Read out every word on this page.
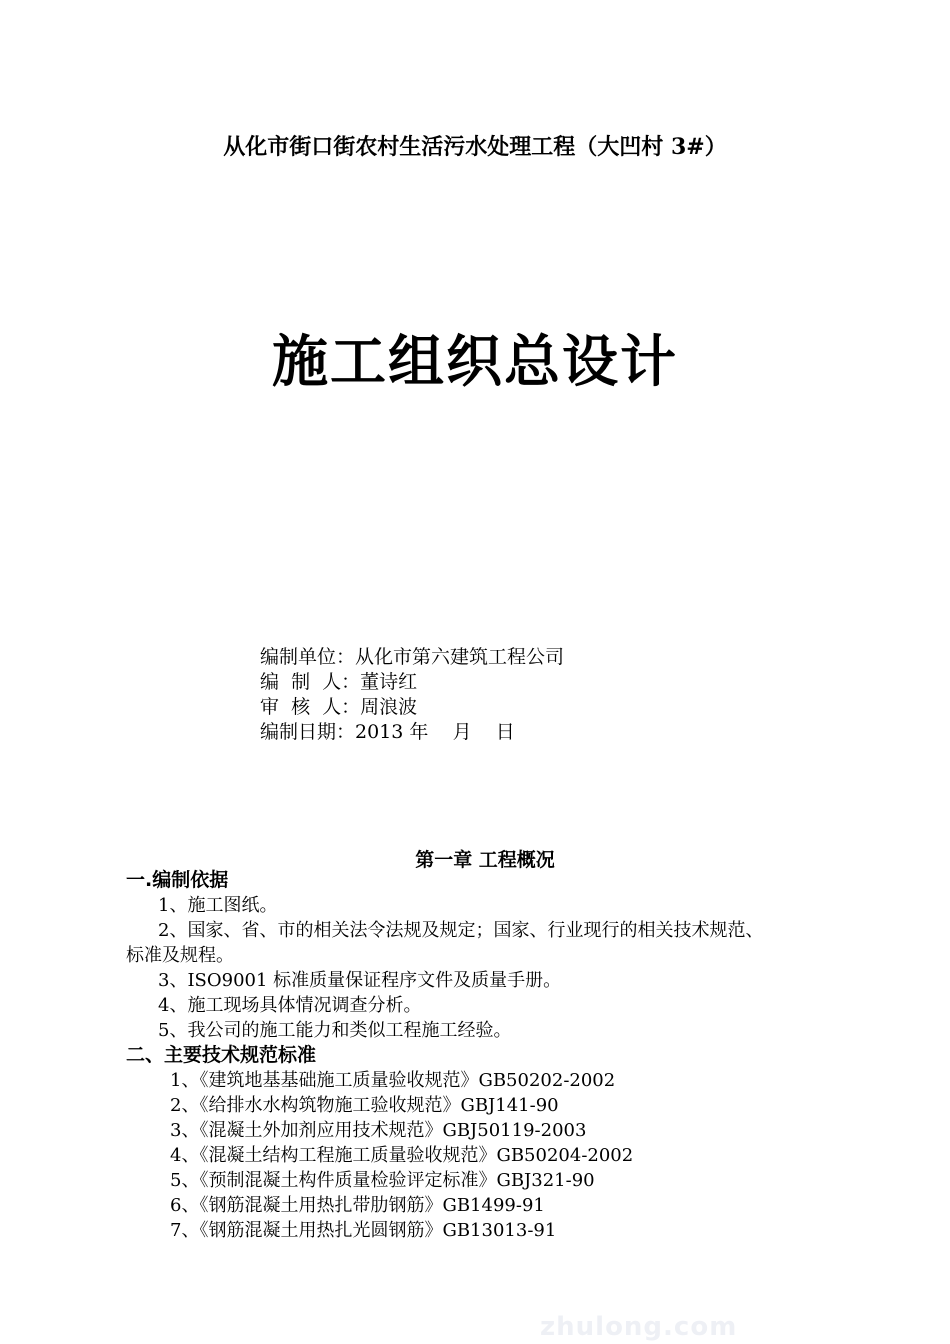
从化市街口街农村生活污水处理工程（大凹村 3#）
施工组织总设计
编制单位： 从化市第六建筑工程公司
编  制  人： 董诗红
审  核  人： 周浪波
编制日期： 2013 年    月    日
第一章 工程概况
一.编制依据
1、施工图纸。
2、国家、省、市的相关法令法规及规定；国家、行业现行的相关技术规范、
标准及规程。
3、ISO9001 标准质量保证程序文件及质量手册。
4、施工现场具体情况调查分析。
5、我公司的施工能力和类似工程施工经验。
二、主要技术规范标准
1、《建筑地基基础施工质量验收规范》GB50202-2002
2、《给排水水构筑物施工验收规范》GBJ141-90
3、《混凝土外加剂应用技术规范》GBJ50119-2003
4、《混凝土结构工程施工质量验收规范》GB50204-2002
5、《预制混凝土构件质量检验评定标准》GBJ321-90
6、《钢筋混凝土用热扎带肋钢筋》GB1499-91
7、《钢筋混凝土用热扎光圆钢筋》GB13013-91
zhulong.com
